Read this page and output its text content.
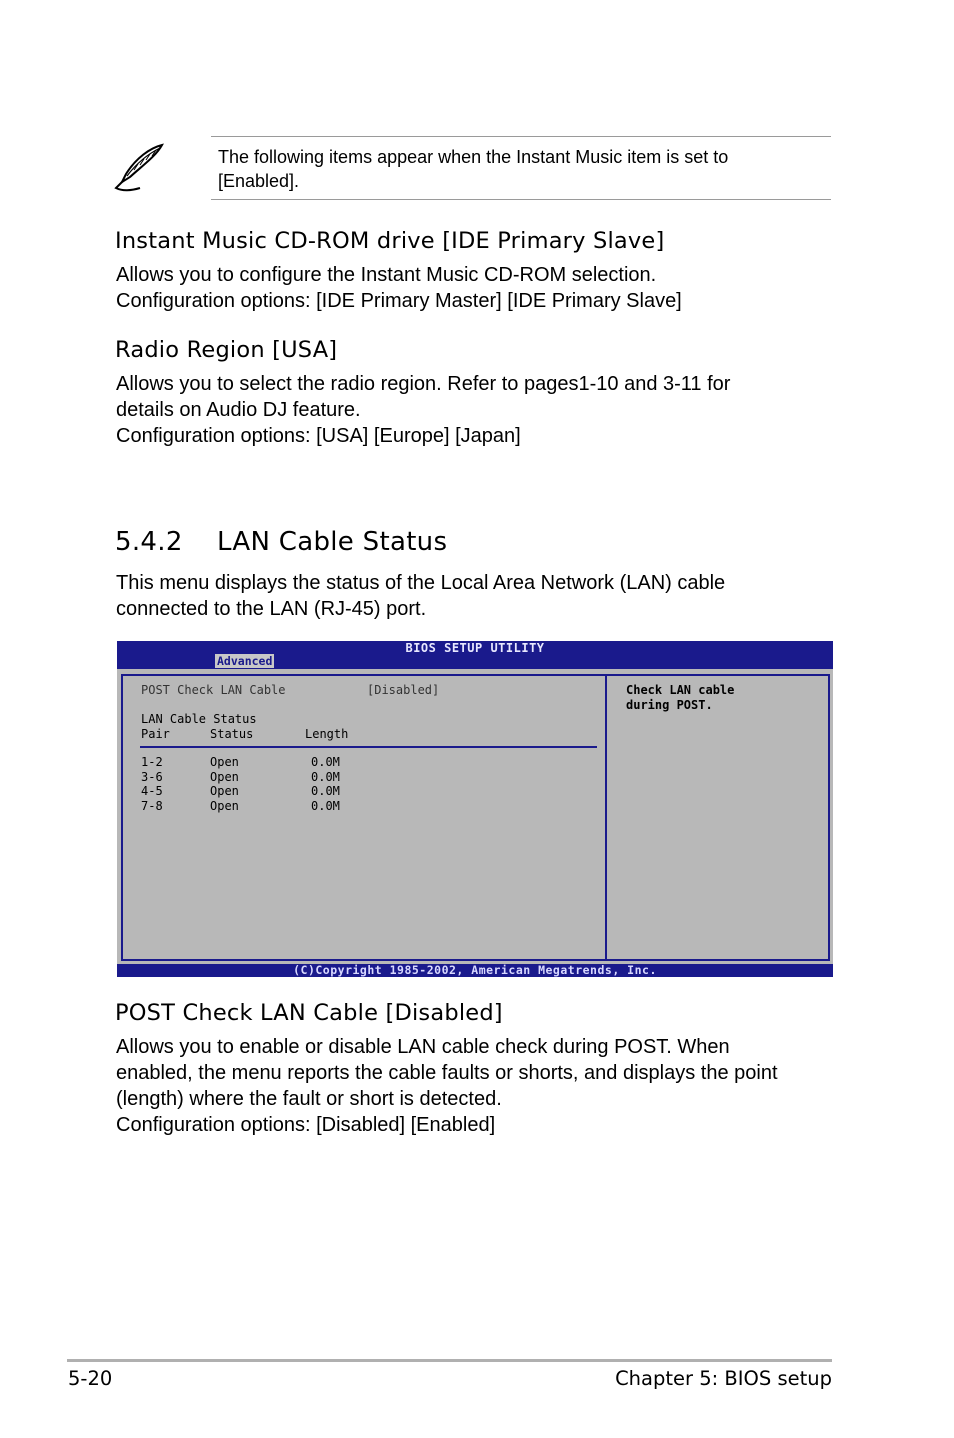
The following items appear when the Instant Music item is set to
[Enabled].
Instant Music CD-ROM drive [IDE Primary Slave]
Allows you to configure the Instant Music CD-ROM selection.
Configuration options: [IDE Primary Master] [IDE Primary Slave]
Radio Region [USA]
Allows you to select the radio region. Refer to pages1-10 and 3-11 for
details on Audio DJ feature.
Configuration options: [USA] [Europe] [Japan]
5.4.2 LAN Cable Status
This menu displays the status of the Local Area Network (LAN) cable
connected to the LAN (RJ-45) port.
BIOS SETUP UTILITY
Advanced
POST Check LAN Cable	[Disabled]
LAN Cable Status
Pair	Status	Length
1-2	Open	0.0M
3-6	Open	0.0M
4-5	Open	0.0M
7-8	Open	0.0M
Check LAN cable
during POST.
(C)Copyright 1985-2002, American Megatrends, Inc.
POST Check LAN Cable [Disabled]
Allows you to enable or disable LAN cable check during POST. When
enabled, the menu reports the cable faults or shorts, and displays the point
(length) where the fault or short is detected.
Configuration options: [Disabled] [Enabled]
5-20	Chapter 5: BIOS setup
